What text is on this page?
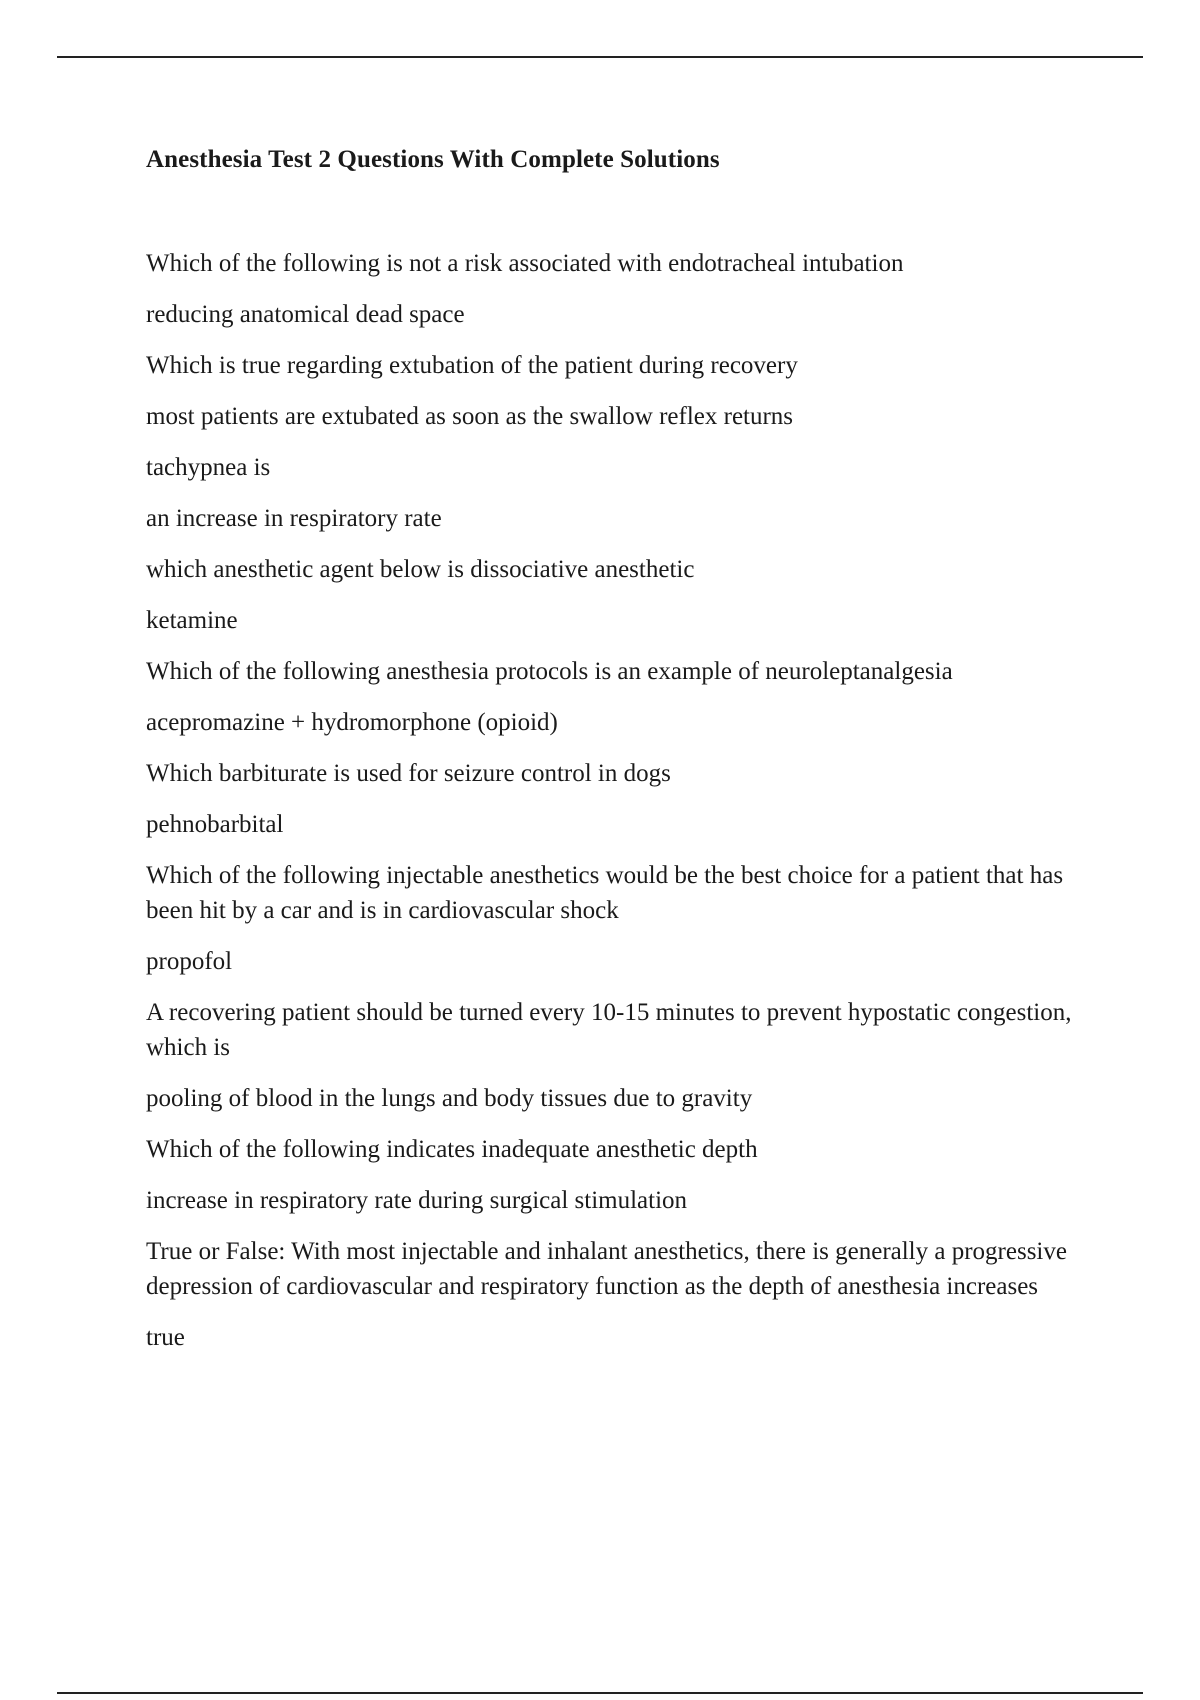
Anesthesia Test 2 Questions With Complete Solutions

Which of the following is not a risk associated with endotracheal intubation

reducing anatomical dead space

Which is true regarding extubation of the patient during recovery

most patients are extubated as soon as the swallow reflex returns

tachypnea is

an increase in respiratory rate

which anesthetic agent below is dissociative anesthetic

ketamine

Which of the following anesthesia protocols is an example of neuroleptanalgesia

acepromazine + hydromorphone (opioid)

Which barbiturate is used for seizure control in dogs

pehnobarbital

Which of the following injectable anesthetics would be the best choice for a patient that has been hit by a car and is in cardiovascular shock

propofol

A recovering patient should be turned every 10-15 minutes to prevent hypostatic congestion, which is

pooling of blood in the lungs and body tissues due to gravity

Which of the following indicates inadequate anesthetic depth

increase in respiratory rate during surgical stimulation

True or False: With most injectable and inhalant anesthetics, there is generally a progressive depression of cardiovascular and respiratory function as the depth of anesthesia increases

true
